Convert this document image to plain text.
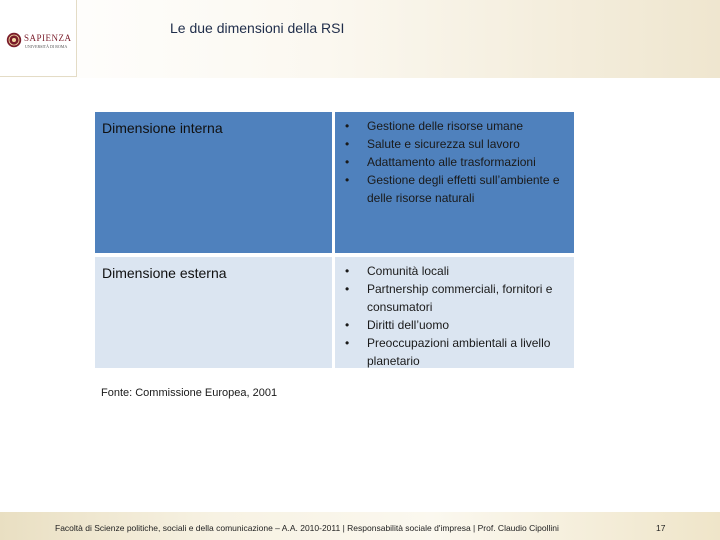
SAPIENZA
UNIVERSITÀ DI ROMA
Le due dimensioni della RSI
Dimensione interna	• Gestione delle risorse umane
• Salute e sicurezza sul lavoro
• Adattamento alle trasformazioni
• Gestione degli effetti sull’ambiente e delle risorse naturali
Dimensione esterna	• Comunità locali
• Partnership commerciali, fornitori e consumatori
• Diritti dell’uomo
• Preoccupazioni ambientali a livello planetario
Fonte: Commissione Europea, 2001
Facoltà di Scienze politiche, sociali e della comunicazione – A.A. 2010-2011 | Responsabilità sociale d'impresa | Prof. Claudio Cipollini	17
